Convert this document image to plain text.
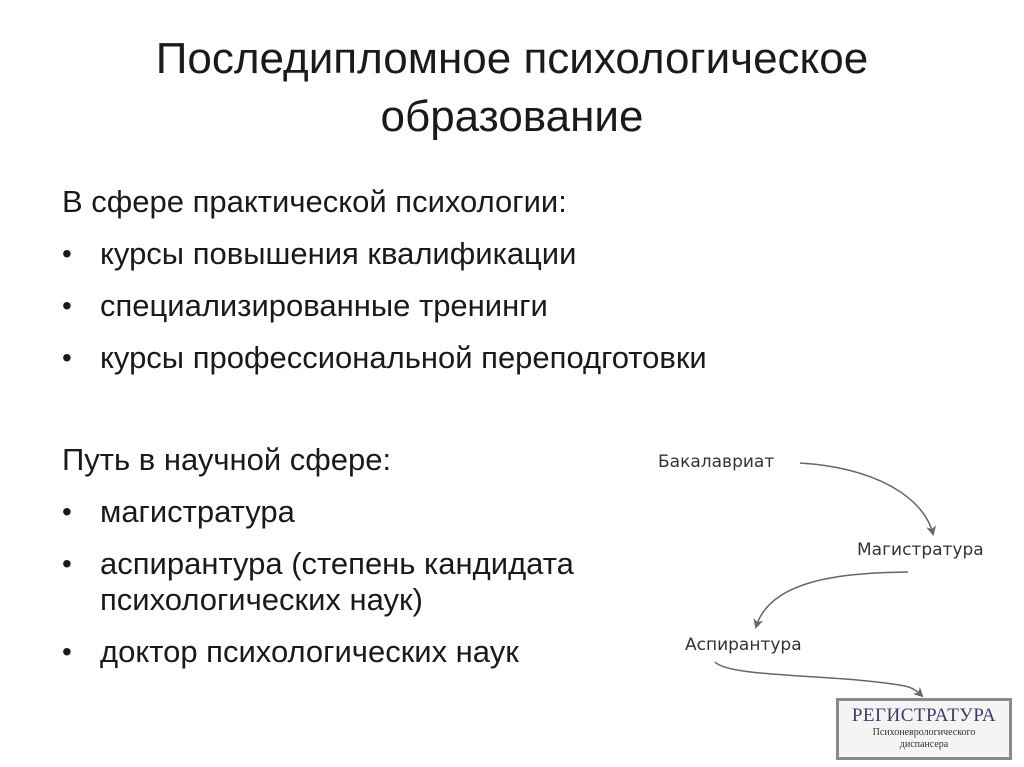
Последипломное психологическое
образование
В сфере практической психологии:
• курсы повышения квалификации
• специализированные тренинги
• курсы профессиональной переподготовки
Путь в научной сфере:
• магистратура
• аспирантура (степень кандидата
психологических наук)
• доктор психологических наук
Бакалавриат
Магистратура
Аспирантура
РЕГИСТРАТУРА
Психоневрологического
диспансера
